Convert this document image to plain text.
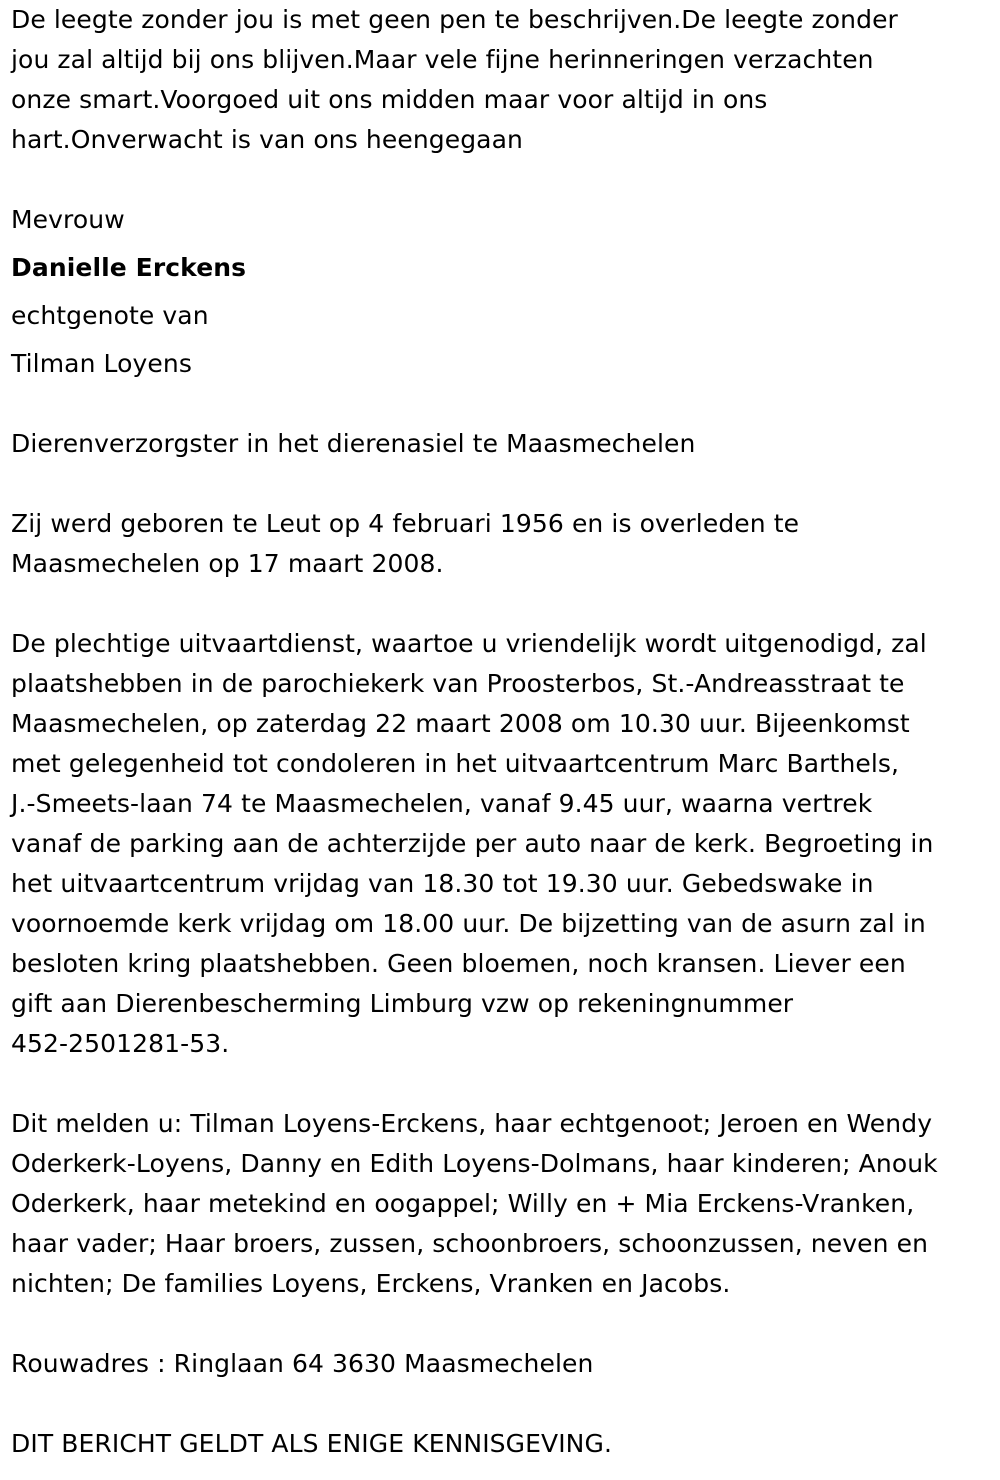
De leegte zonder jou is met geen pen te beschrijven.De leegte zonder
jou zal altijd bij ons blijven.Maar vele fijne herinneringen verzachten
onze smart.Voorgoed uit ons midden maar voor altijd in ons
hart.Onverwacht is van ons heengegaan
Mevrouw
Danielle Erckens
echtgenote van
Tilman Loyens
Dierenverzorgster in het dierenasiel te Maasmechelen
Zij werd geboren te Leut op 4 februari 1956 en is overleden te
Maasmechelen op 17 maart 2008.
De plechtige uitvaartdienst, waartoe u vriendelijk wordt uitgenodigd, zal
plaatshebben in de parochiekerk van Proosterbos, St.-Andreasstraat te
Maasmechelen, op zaterdag 22 maart 2008 om 10.30 uur. Bijeenkomst
met gelegenheid tot condoleren in het uitvaartcentrum Marc Barthels,
J.-Smeets-laan 74 te Maasmechelen, vanaf 9.45 uur, waarna vertrek
vanaf de parking aan de achterzijde per auto naar de kerk. Begroeting in
het uitvaartcentrum vrijdag van 18.30 tot 19.30 uur. Gebedswake in
voornoemde kerk vrijdag om 18.00 uur. De bijzetting van de asurn zal in
besloten kring plaatshebben. Geen bloemen, noch kransen. Liever een
gift aan Dierenbescherming Limburg vzw op rekeningnummer
452-2501281-53.
Dit melden u: Tilman Loyens-Erckens, haar echtgenoot; Jeroen en Wendy
Oderkerk-Loyens, Danny en Edith Loyens-Dolmans, haar kinderen; Anouk
Oderkerk, haar metekind en oogappel; Willy en + Mia Erckens-Vranken,
haar vader; Haar broers, zussen, schoonbroers, schoonzussen, neven en
nichten; De families Loyens, Erckens, Vranken en Jacobs.
Rouwadres : Ringlaan 64 3630 Maasmechelen
DIT BERICHT GELDT ALS ENIGE KENNISGEVING.
